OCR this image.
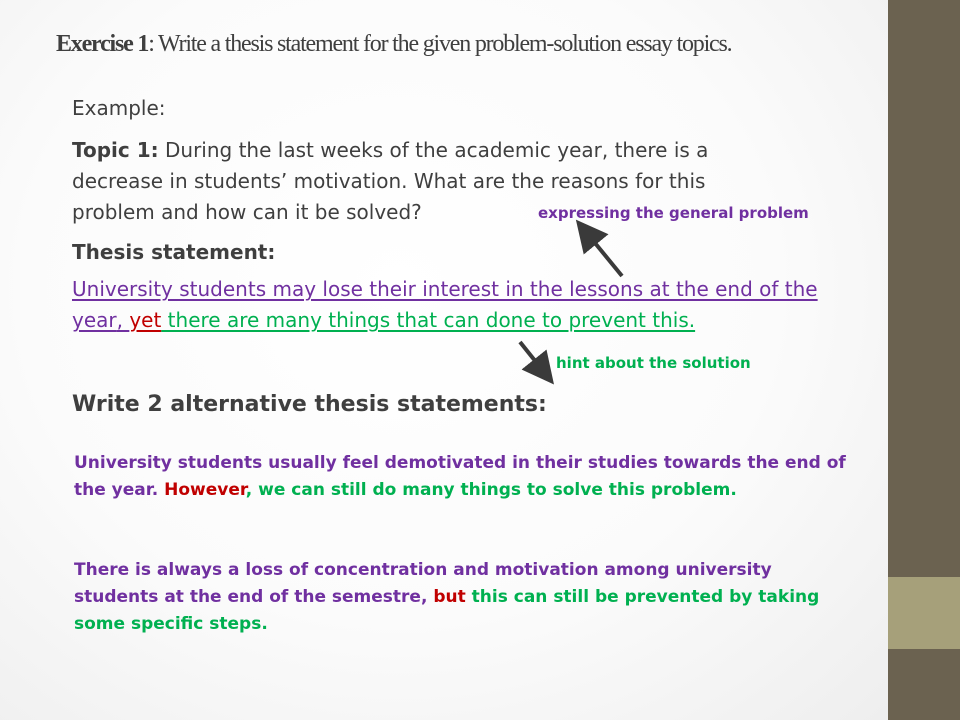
Exercise 1: Write a thesis statement for the given problem-solution essay topics.
Example:
Topic 1: During the last weeks of the academic year, there is a decrease in students’ motivation. What are the reasons for this problem and how can it be solved?
Thesis statement:
University students may lose their interest in the lessons at the end of the year, yet there are many things that can done to prevent this.
expressing the general problem
hint about the solution
Write 2 alternative thesis statements:
University students usually feel demotivated in their studies towards the end of the year. However, we can still do many things to solve this problem.
There is always a loss of concentration and motivation among university students at the end of the semestre, but this can still be prevented by taking some specific steps.
